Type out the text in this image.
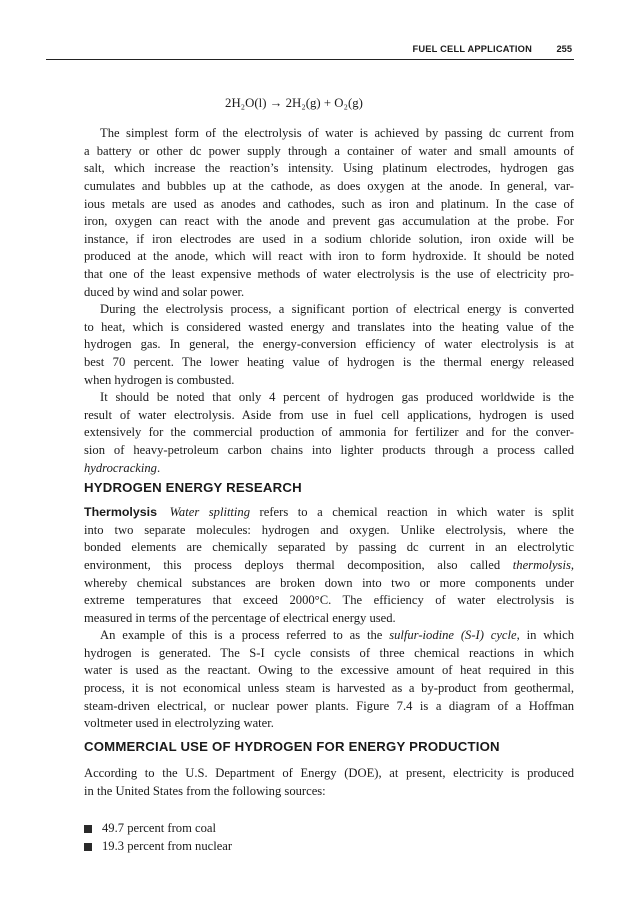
FUEL CELL APPLICATION	255
2H₂O(l) → 2H₂(g) + O₂(g)
The simplest form of the electrolysis of water is achieved by passing dc current from
a battery or other dc power supply through a container of water and small amounts of
salt, which increase the reaction’s intensity. Using platinum electrodes, hydrogen gas
cumulates and bubbles up at the cathode, as does oxygen at the anode. In general, var-
ious metals are used as anodes and cathodes, such as iron and platinum. In the case of
iron, oxygen can react with the anode and prevent gas accumulation at the probe. For
instance, if iron electrodes are used in a sodium chloride solution, iron oxide will be
produced at the anode, which will react with iron to form hydroxide. It should be noted
that one of the least expensive methods of water electrolysis is the use of electricity pro-
duced by wind and solar power.
During the electrolysis process, a significant portion of electrical energy is converted
to heat, which is considered wasted energy and translates into the heating value of the
hydrogen gas. In general, the energy-conversion efficiency of water electrolysis is at
best 70 percent. The lower heating value of hydrogen is the thermal energy released
when hydrogen is combusted.
It should be noted that only 4 percent of hydrogen gas produced worldwide is the
result of water electrolysis. Aside from use in fuel cell applications, hydrogen is used
extensively for the commercial production of ammonia for fertilizer and for the conver-
sion of heavy-petroleum carbon chains into lighter products through a process called
hydrocracking.
HYDROGEN ENERGY RESEARCH
Thermolysis  Water splitting refers to a chemical reaction in which water is split
into two separate molecules: hydrogen and oxygen. Unlike electrolysis, where the
bonded elements are chemically separated by passing dc current in an electrolytic
environment, this process deploys thermal decomposition, also called thermolysis,
whereby chemical substances are broken down into two or more components under
extreme temperatures that exceed 2000°C. The efficiency of water electrolysis is
measured in terms of the percentage of electrical energy used.
An example of this is a process referred to as the sulfur-iodine (S-I) cycle, in which
hydrogen is generated. The S-I cycle consists of three chemical reactions in which
water is used as the reactant. Owing to the excessive amount of heat required in this
process, it is not economical unless steam is harvested as a by-product from geothermal,
steam-driven electrical, or nuclear power plants. Figure 7.4 is a diagram of a Hoffman
voltmeter used in electrolyzing water.
COMMERCIAL USE OF HYDROGEN FOR ENERGY PRODUCTION
According to the U.S. Department of Energy (DOE), at present, electricity is produced
in the United States from the following sources:
49.7 percent from coal
19.3 percent from nuclear
